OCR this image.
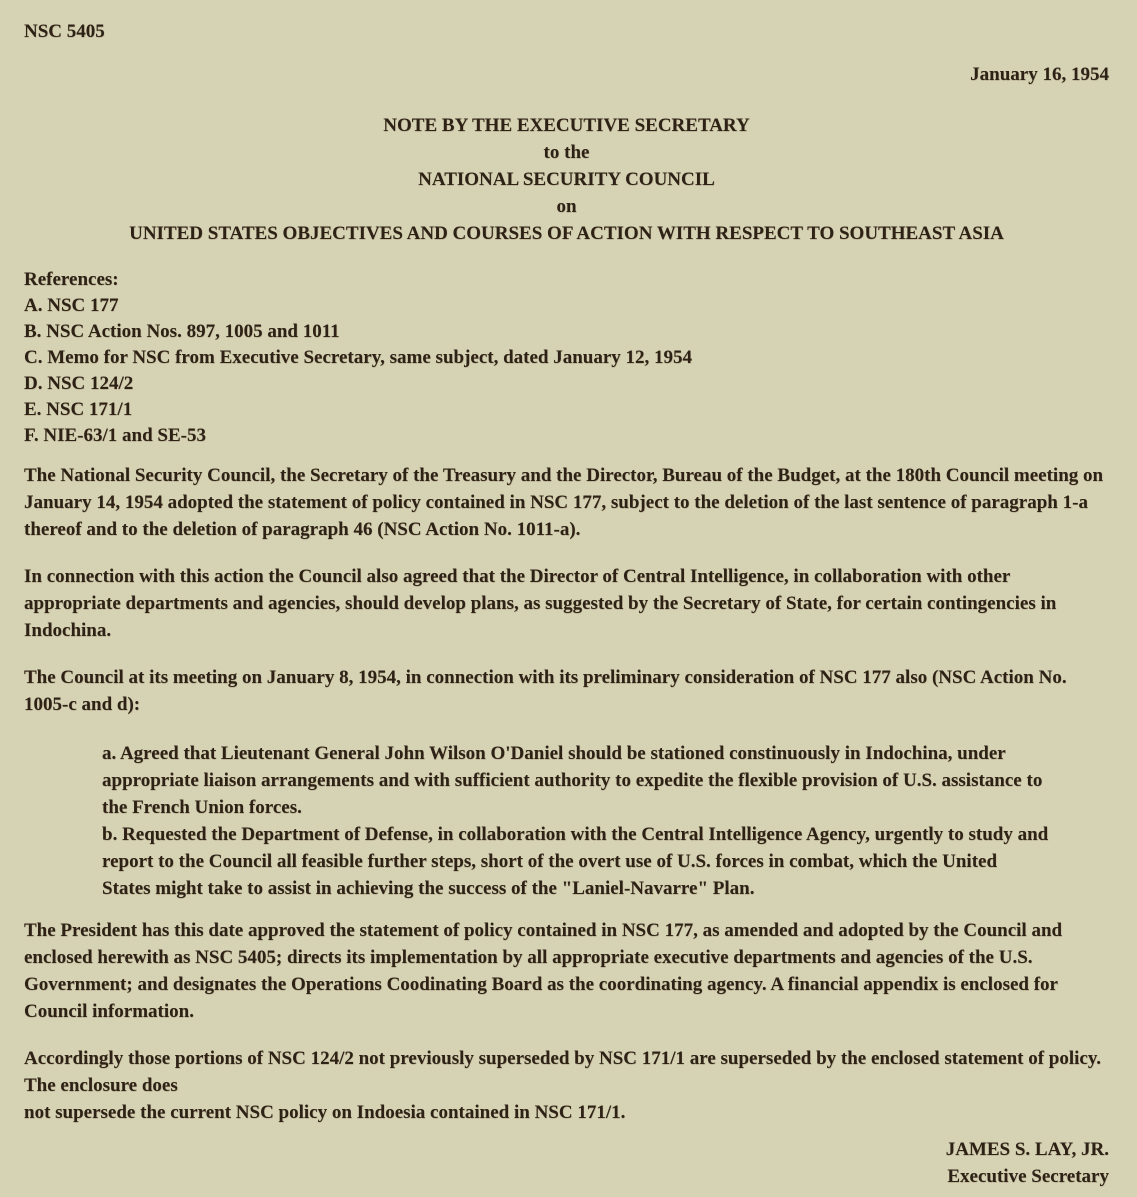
NSC 5405
January 16, 1954
NOTE BY THE EXECUTIVE SECRETARY
to the
NATIONAL SECURITY COUNCIL
on
UNITED STATES OBJECTIVES AND COURSES OF ACTION WITH RESPECT TO SOUTHEAST ASIA
References:
A. NSC 177
B. NSC Action Nos. 897, 1005 and 1011
C. Memo for NSC from Executive Secretary, same subject, dated January 12, 1954
D. NSC 124/2
E. NSC 171/1
F. NIE-63/1 and SE-53

The National Security Council, the Secretary of the Treasury and the Director, Bureau of the Budget, at the 180th Council meeting on January 14, 1954 adopted the statement of policy contained in NSC 177, subject to the deletion of the last sentence of paragraph 1-a thereof and to the deletion of paragraph 46 (NSC Action No. 1011-a).

In connection with this action the Council also agreed that the Director of Central Intelligence, in collaboration with other appropriate departments and agencies, should develop plans, as suggested by the Secretary of State, for certain contingencies in Indochina.

The Council at its meeting on January 8, 1954, in connection with its preliminary consideration of NSC 177 also (NSC Action No. 1005-c and d):

a. Agreed that Lieutenant General John Wilson O'Daniel should be stationed constinuously in Indochina, under appropriate liaison arrangements and with sufficient authority to expedite the flexible provision of U.S. assistance to the French Union forces.
b. Requested the Department of Defense, in collaboration with the Central Intelligence Agency, urgently to study and report to the Council all feasible further steps, short of the overt use of U.S. forces in combat, which the United States might take to assist in achieving the success of the "Laniel-Navarre" Plan.

The President has this date approved the statement of policy contained in NSC 177, as amended and adopted by the Council and enclosed herewith as NSC 5405; directs its implementation by all appropriate executive departments and agencies of the U.S. Government; and designates the Operations Coodinating Board as the coordinating agency. A financial appendix is enclosed for Council information.

Accordingly those portions of NSC 124/2 not previously superseded by NSC 171/1 are superseded by the enclosed statement of policy. The enclosure does
not supersede the current NSC policy on Indoesia contained in NSC 171/1.

JAMES S. LAY, JR.
Executive Secretary
